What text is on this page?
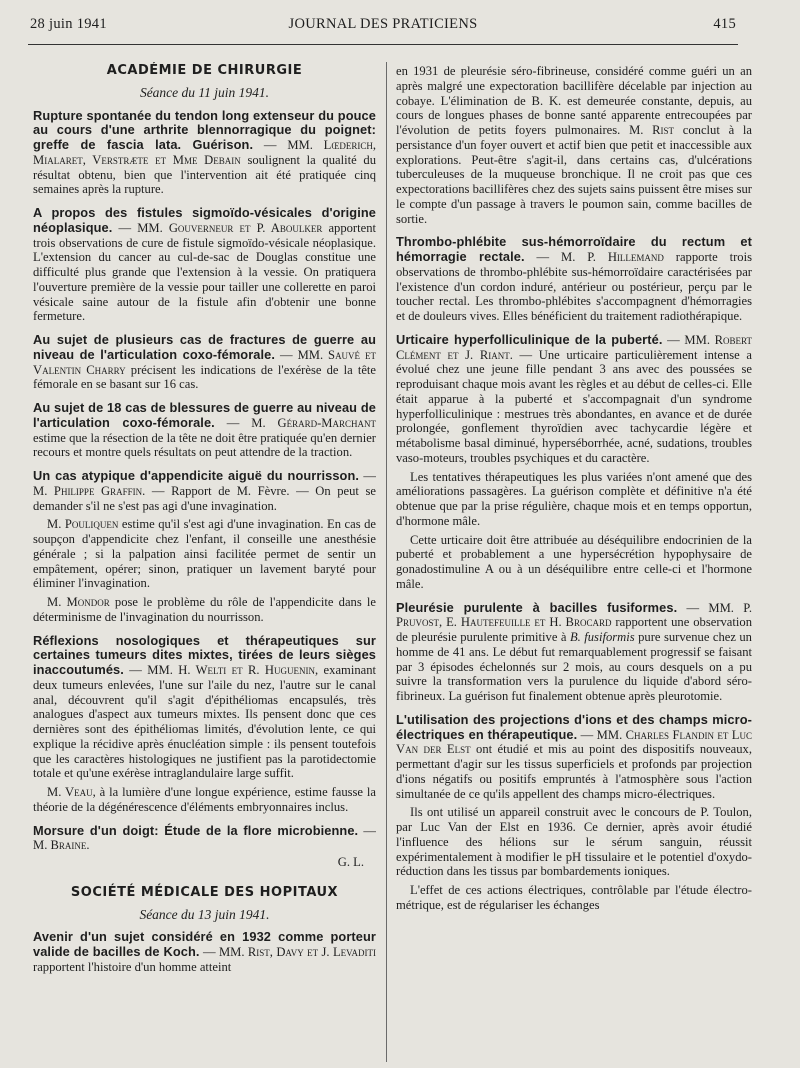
28 juin 1941	JOURNAL DES PRATICIENS	415
ACADÉMIE DE CHIRURGIE
Séance du 11 juin 1941.

Rupture spontanée du tendon long extenseur du pouce au cours d'une arthrite blennorragique du poignet: greffe de fascia lata. Guérison. — MM. Lœderich, Mialaret, Verstræte et Mme Debain soulignent la qualité du résultat obtenu, bien que l'intervention ait été pratiquée cinq semaines après la rupture.

A propos des fistules sigmoïdo-vésicales d'origine néoplasique. — MM. Gouverneur et P. Aboulker apportent trois observations de cure de fistule sigmoïdo-vésicale néoplasique. L'extension du cancer au cul-de-sac de Douglas constitue une difficulté plus grande que l'extension à la vessie. On pratiquera l'ouverture première de la vessie pour tailler une collerette en paroi vésicale saine autour de la fistule afin d'obtenir une bonne fermeture.

Au sujet de plusieurs cas de fractures de guerre au niveau de l'articulation coxo-fémorale. — MM. Sauvé et Valentin Charry précisent les indications de l'exérèse de la tête fémorale en se basant sur 16 cas.

Au sujet de 18 cas de blessures de guerre au niveau de l'articulation coxo-fémorale. — M. Gérard-Marchant estime que la résection de la tête ne doit être pratiquée qu'en dernier recours et montre quels résultats on peut attendre de la traction.

Un cas atypique d'appendicite aiguë du nourrisson. — M. Philippe Graffin. — Rapport de M. Fèvre. — On peut se demander s'il ne s'est pas agi d'une invagination.

M. Pouliquen estime qu'il s'est agi d'une invagination. En cas de soupçon d'appendicite chez l'enfant, il conseille une anesthésie générale ; si la palpation ainsi facilitée permet de sentir un empâtement, opérer; sinon, pratiquer un lavement baryté pour éliminer l'invagination.

M. Mondor pose le problème du rôle de l'appendicite dans le déterminisme de l'invagination du nourrisson.

Réflexions nosologiques et thérapeutiques sur certaines tumeurs dites mixtes, tirées de leurs sièges inaccoutumés. — MM. H. Welti et R. Huguenin, examinant deux tumeurs enlevées, l'une sur l'aile du nez, l'autre sur le canal anal, découvrent qu'il s'agit d'épithéliomas encapsulés, très analogues d'aspect aux tumeurs mixtes. Ils pensent donc que ces dernières sont des épithéliomas limités, d'évolution lente, ce qui explique la récidive après énucléation simple : ils pensent toutefois que les caractères histologiques ne justifient pas la parotidectomie totale et qu'une exérèse intraglandulaire large suffit.

M. Veau, à la lumière d'une longue expérience, estime fausse la théorie de la dégénérescence d'éléments embryonnaires inclus.

Morsure d'un doigt: Étude de la flore microbienne. — M. Braine.

G. L.
SOCIÉTÉ MÉDICALE DES HOPITAUX
Séance du 13 juin 1941.

Avenir d'un sujet considéré en 1932 comme porteur valide de bacilles de Koch. — MM. Rist, Davy et J. Levaditi rapportent l'histoire d'un homme atteint

en 1931 de pleurésie séro-fibrineuse, considéré comme guéri un an après malgré une expectoration bacillifère décelable par injection au cobaye. L'élimination de B. K. est demeurée constante, depuis, au cours de longues phases de bonne santé apparente entrecoupées par l'évolution de petits foyers pulmonaires. M. Rist conclut à la persistance d'un foyer ouvert et actif bien que petit et inaccessible aux explorations. Peut-être s'agit-il, dans certains cas, d'ulcérations tuberculeuses de la muqueuse bronchique. Il ne croit pas que ces expectorations bacillifères chez des sujets sains puissent être mises sur le compte d'un passage à travers le poumon sain, comme bacilles de sortie.

Thrombo-phlébite sus-hémorroïdaire du rectum et hémorragie rectale. — M. P. Hillemand rapporte trois observations de thrombo-phlébite sus-hémorroïdaire caractérisées par l'existence d'un cordon induré, antérieur ou postérieur, perçu par le toucher rectal. Les thrombo-phlébites s'accompagnent d'hémorragies et de douleurs vives. Elles bénéficient du traitement radiothérapique.

Urticaire hyperfolliculinique de la puberté. — MM. Robert Clément et J. Riant. — Une urticaire particulièrement intense a évolué chez une jeune fille pendant 3 ans avec des poussées se reproduisant chaque mois avant les règles et au début de celles-ci. Elle était apparue à la puberté et s'accompagnait d'un syndrome hyperfolliculinique : mestrues très abondantes, en avance et de durée prolongée, gonflement thyroïdien avec tachycardie légère et métabolisme basal diminué, hyperséborrhée, acné, sudations, troubles vaso-moteurs, troubles psychiques et du caractère.

Les tentatives thérapeutiques les plus variées n'ont amené que des améliorations passagères. La guérison complète et définitive n'a été obtenue que par la prise régulière, chaque mois et en temps opportun, d'hormone mâle.

Cette urticaire doit être attribuée au déséquilibre endocrinien de la puberté et probablement a une hypersécrétion hypophysaire de gonadostimuline A ou à un déséquilibre entre celle-ci et l'hormone mâle.

Pleurésie purulente à bacilles fusiformes. — MM. P. Pruvost, E. Hautefeuille et H. Brocard rapportent une observation de pleurésie purulente primitive à B. fusiformis pure survenue chez un homme de 41 ans. Le début fut remarquablement progressif se faisant par 3 épisodes échelonnés sur 2 mois, au cours desquels on a pu suivre la transformation vers la purulence du liquide d'abord séro-fibrineux. La guérison fut finalement obtenue après pleurotomie.

L'utilisation des projections d'ions et des champs micro-électriques en thérapeutique. — MM. Charles Flandin et Luc Van der Elst ont étudié et mis au point des dispositifs nouveaux, permettant d'agir sur les tissus superficiels et profonds par projection d'ions négatifs ou positifs empruntés à l'atmosphère sous l'action simultanée de ce qu'ils appellent des champs micro-électriques.

Ils ont utilisé un appareil construit avec le concours de P. Toulon, par Luc Van der Elst en 1936. Ce dernier, après avoir étudié l'influence des hélions sur le sérum sanguin, réussit expérimentalement à modifier le pH tissulaire et le potentiel d'oxydo-réduction dans les tissus par bombardements ioniques.

L'effet de ces actions électriques, contrôlable par l'étude électro-métrique, est de régulariser les échanges
